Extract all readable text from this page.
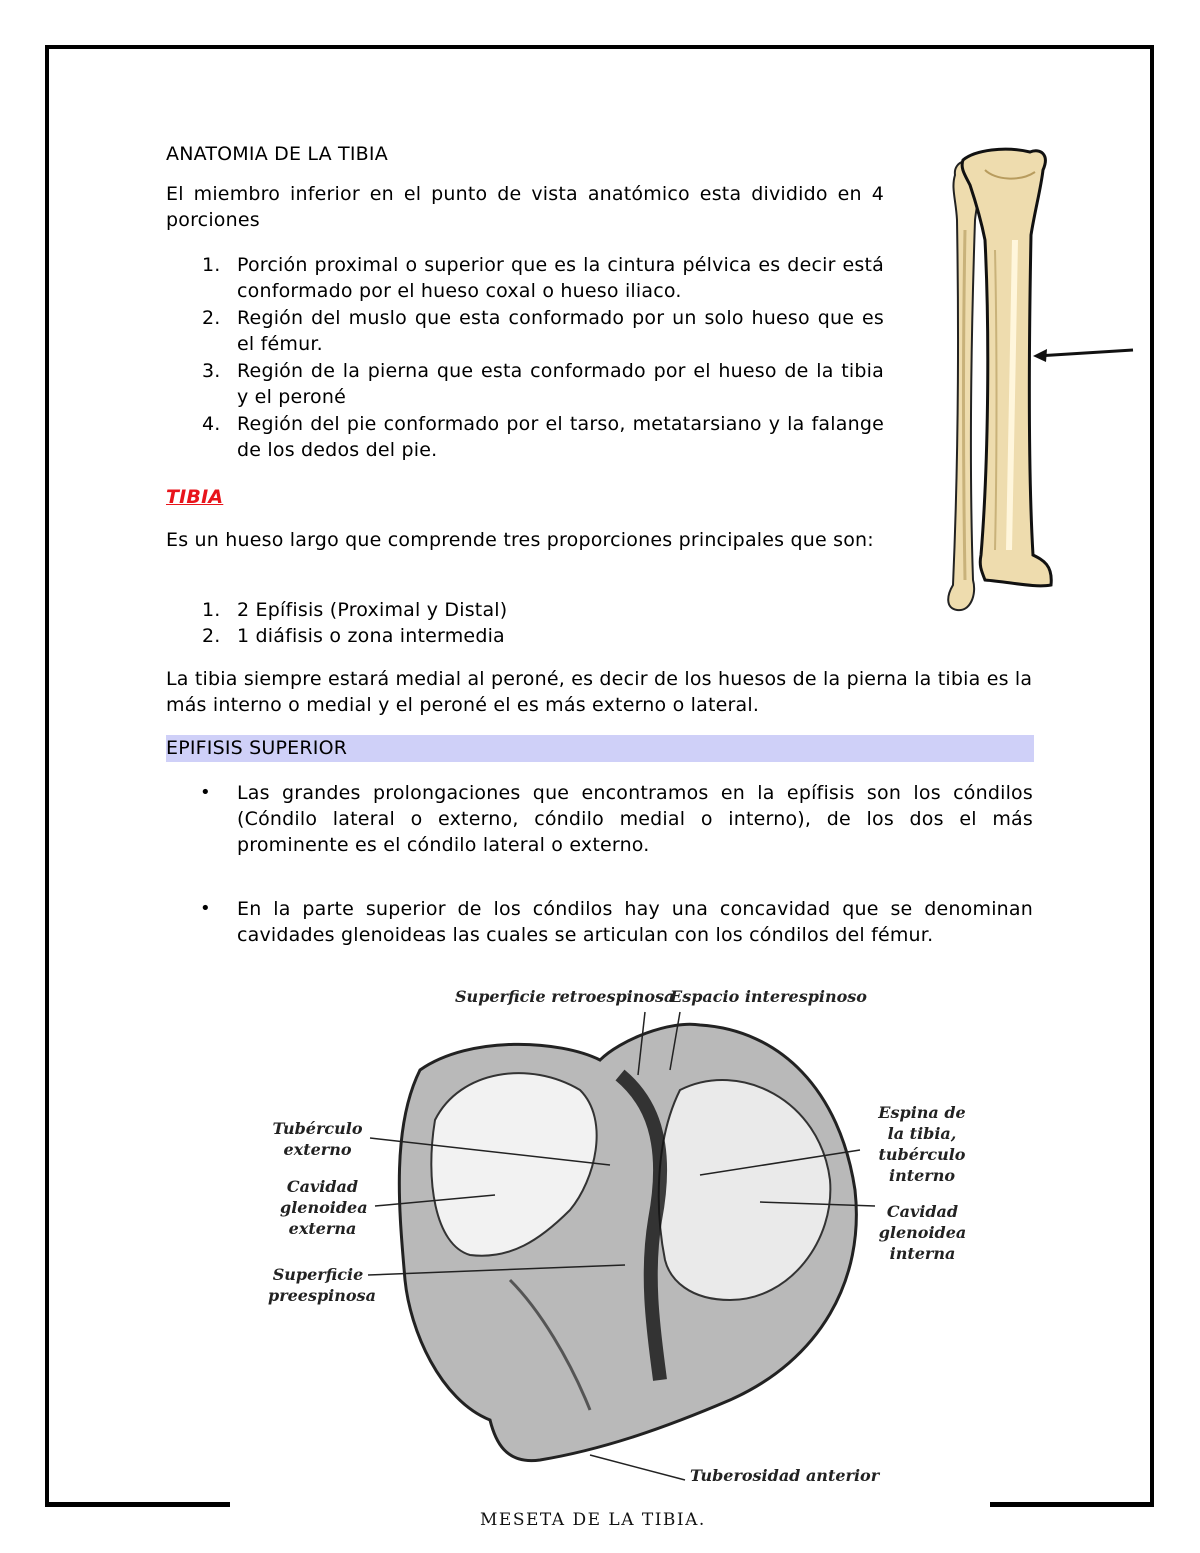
ANATOMIA DE LA TIBIA
El miembro inferior en el punto de vista anatómico esta dividido en 4 porciones
1. Porción proximal o superior que es la cintura pélvica es decir está conformado por el hueso coxal o hueso iliaco.
2. Región del muslo que esta conformado por un solo hueso que es el fémur.
3. Región de la pierna que esta conformado por el hueso de la tibia y el peroné
4. Región del pie conformado por el tarso, metatarsiano y la falange de los dedos del pie.
TIBIA
Es un hueso largo que comprende tres proporciones principales que son:
1. 2 Epífisis (Proximal y Distal)
2. 1 diáfisis o zona intermedia
La tibia siempre estará medial al peroné, es decir de los huesos de la pierna la tibia es la más interno o medial y el peroné el es más externo o lateral.
EPIFISIS SUPERIOR
• Las grandes prolongaciones que encontramos en la epífisis son los cóndilos (Cóndilo lateral o externo, cóndilo medial o interno), de los dos el más prominente es el cóndilo lateral o externo.
• En la parte superior de los cóndilos hay una concavidad que se denominan cavidades glenoideas las cuales se articulan con los cóndilos del fémur.
Superficie retroespinosa
Espacio interespinoso
Tubérculo externo
Cavidad glenoidea externa
Superficie preespinosa
Espina de la tibia, tubérculo interno
Cavidad glenoidea interna
Tuberosidad anterior
MESETA DE LA TIBIA.
